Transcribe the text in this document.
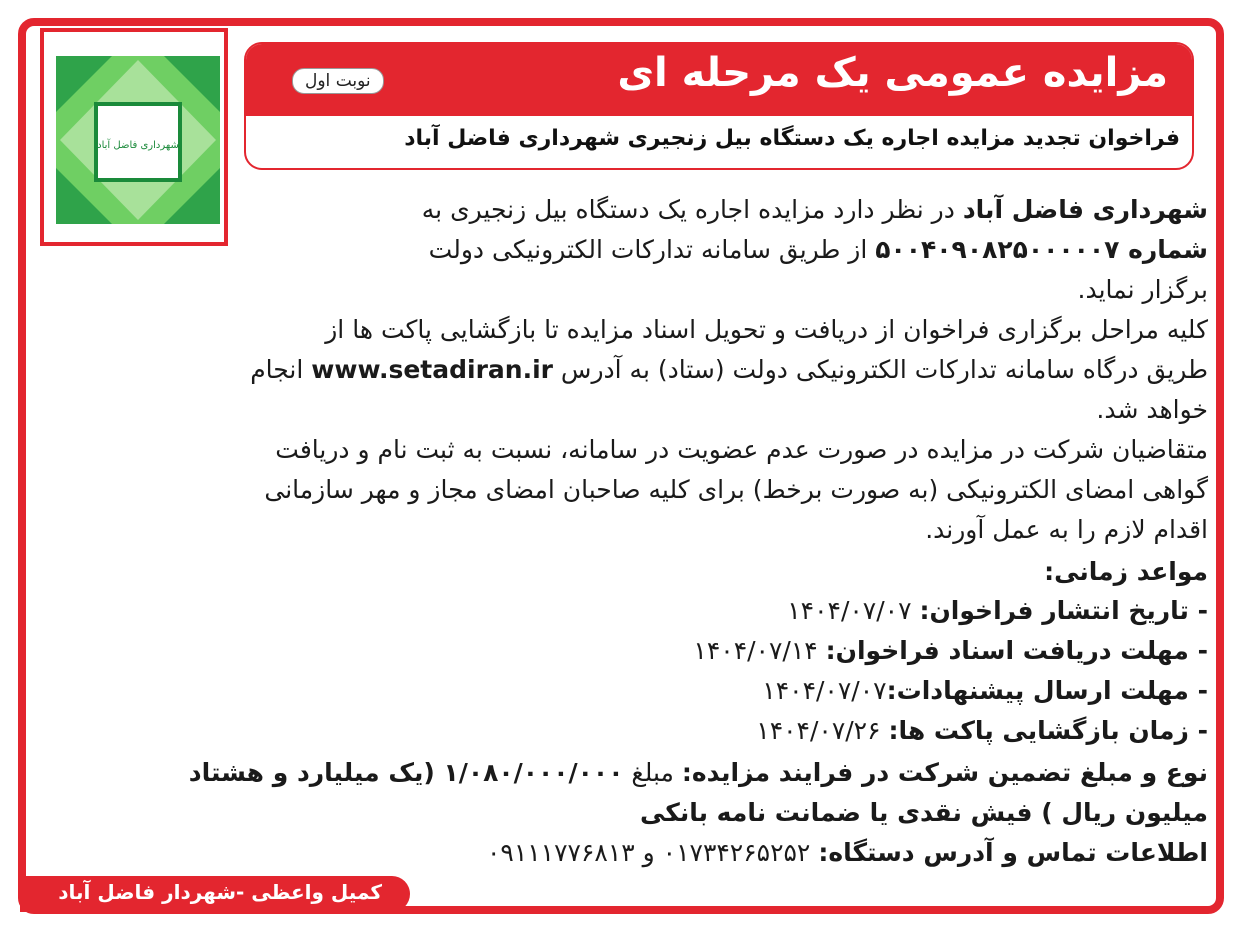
شهرداری فاضل آباد
مزایده عمومی یک مرحله ای
نوبت اول
فراخوان تجدید مزایده اجاره یک دستگاه بیل زنجیری شهرداری فاضل آباد
شهرداری فاضل آباد در نظر دارد مزایده اجاره یک دستگاه بیل زنجیری به
شماره ۵۰۰۴۰۹۰۸۲۵۰۰۰۰۰۷ از طریق سامانه تدارکات الکترونیکی دولت
برگزار نماید.
کلیه مراحل برگزاری فراخوان از دریافت و تحویل اسناد مزایده تا بازگشایی پاکت ها از
طریق درگاه سامانه تدارکات الکترونیکی دولت (ستاد) به آدرس www.setadiran.ir انجام
خواهد شد.
متقاضیان شرکت در مزایده در صورت عدم عضویت در سامانه، نسبت به ثبت نام و دریافت
گواهی امضای الکترونیکی (به صورت برخط) برای کلیه صاحبان امضای مجاز و مهر سازمانی
اقدام لازم را به عمل آورند.
مواعد زمانی:
- تاریخ انتشار فراخوان: ۱۴۰۴/۰۷/۰۷
- مهلت دریافت اسناد فراخوان: ۱۴۰۴/۰۷/۱۴
- مهلت ارسال پیشنهادات:۱۴۰۴/۰۷/۰۷
- زمان بازگشایی پاکت ها: ۱۴۰۴/۰۷/۲۶
نوع و مبلغ تضمین شرکت در فرایند مزایده: مبلغ ۱/۰۸۰/۰۰۰/۰۰۰ (یک میلیارد و هشتاد
میلیون ریال ) فیش نقدی یا ضمانت نامه بانکی
اطلاعات تماس و آدرس دستگاه: ۰۱۷۳۴۲۶۵۲۵۲ و ۰۹۱۱۱۷۷۶۸۱۳
کمیل واعظی -شهردار فاضل آباد
